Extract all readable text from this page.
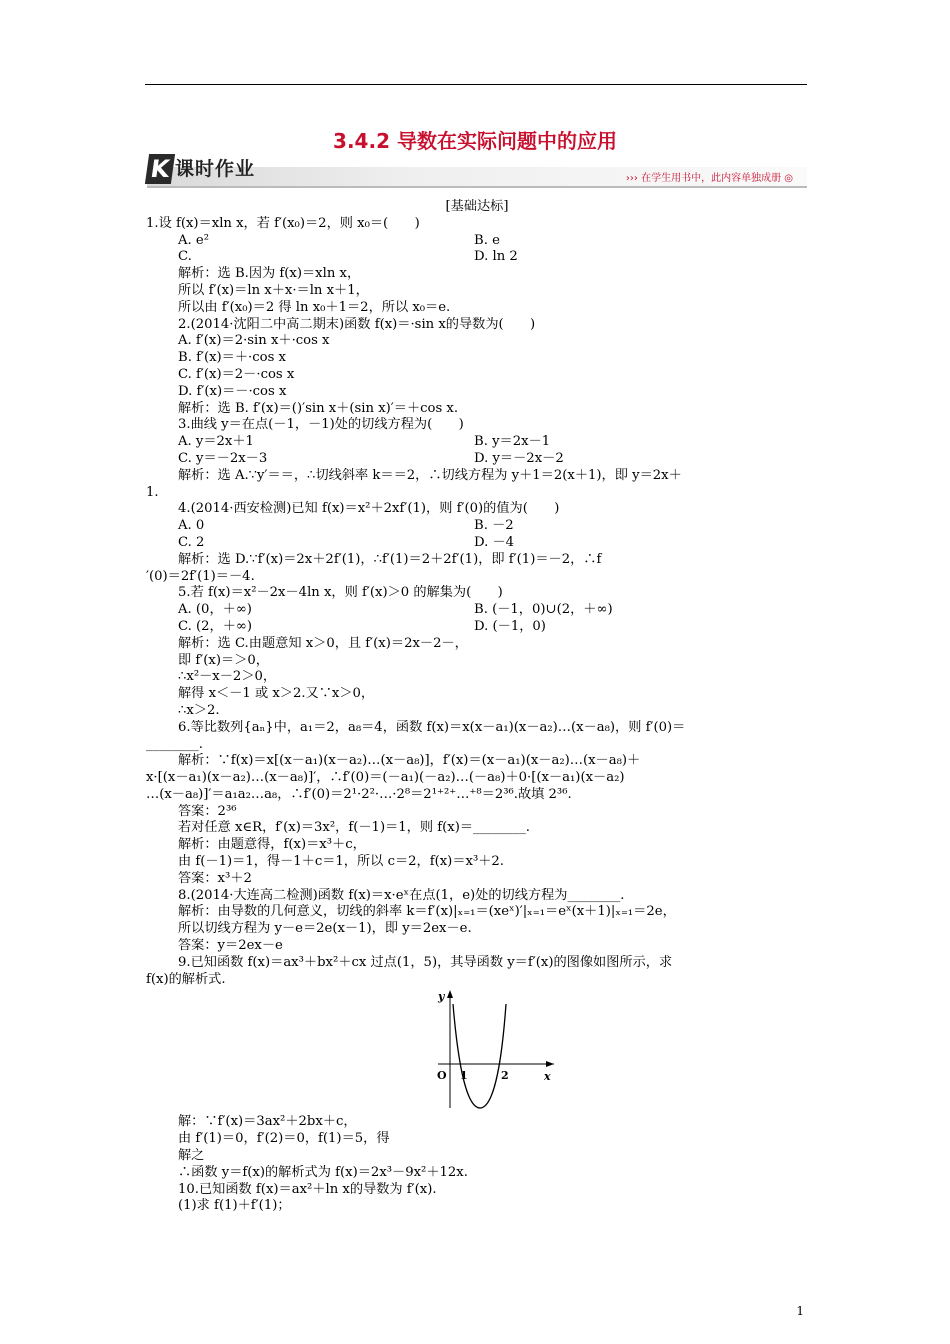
3.4.2 导数在实际问题中的应用
K 课时作业	››› 在学生用书中，此内容单独成册 ◎
[基础达标]
1.设 f(x)＝xln x，若 f′(x₀)＝2，则 x₀＝(　　)
A. e²	B. e
C.	D. ln 2
解析：选 B.因为 f(x)＝xln x，
所以 f′(x)＝ln x＋x·＝ln x＋1，
所以由 f′(x₀)＝2 得 ln x₀＋1＝2，所以 x₀＝e.
2.(2014·沈阳二中高二期末)函数 f(x)＝·sin x的导数为(　　)
A. f′(x)＝2·sin x＋·cos x
B. f′(x)＝＋·cos x
C. f′(x)＝2－·cos x
D. f′(x)＝－·cos x
解析：选 B. f′(x)＝()′sin x＋(sin x)′＝＋cos x.
3.曲线 y＝在点(－1，－1)处的切线方程为(　　)
A. y＝2x＋1	B. y＝2x－1
C. y＝－2x－3	D. y＝－2x－2
解析：选 A.∵y′＝＝，∴切线斜率 k＝＝2，∴切线方程为 y＋1＝2(x＋1)，即 y＝2x＋
1.
4.(2014·西安检测)已知 f(x)＝x²＋2xf′(1)，则 f′(0)的值为(　　)
A. 0	B. －2
C. 2	D. －4
解析：选 D.∵f′(x)＝2x＋2f′(1)，∴f′(1)＝2＋2f′(1)，即 f′(1)＝－2，∴f
′(0)＝2f′(1)＝－4.
5.若 f(x)＝x²－2x－4ln x，则 f′(x)＞0 的解集为(　　)
A. (0，＋∞)	B. (－1，0)∪(2，＋∞)
C. (2，＋∞)	D. (－1，0)
解析：选 C.由题意知 x＞0，且 f′(x)＝2x－2－，
即 f′(x)＝＞0，
∴x²－x－2＞0，
解得 x＜－1 或 x＞2.又∵x＞0，
∴x＞2.
6.等比数列{aₙ}中，a₁＝2，a₈＝4，函数 f(x)＝x(x－a₁)(x－a₂)…(x－a₈)，则 f′(0)＝
________.
解析：∵f(x)＝x[(x－a₁)(x－a₂)…(x－a₈)]，f′(x)＝(x－a₁)(x－a₂)…(x－a₈)＋
x·[(x－a₁)(x－a₂)…(x－a₈)]′，∴f′(0)＝(－a₁)(－a₂)…(－a₈)＋0·[(x－a₁)(x－a₂)
…(x－a₈)]′＝a₁a₂…a₈，∴f′(0)＝2¹·2²·…·2⁸＝2¹⁺²⁺…⁺⁸＝2³⁶.故填 2³⁶.
答案：2³⁶
若对任意 x∈R，f′(x)＝3x²，f(－1)＝1，则 f(x)＝________.
解析：由题意得，f(x)＝x³＋c，
由 f(－1)＝1，得－1＋c＝1，所以 c＝2，f(x)＝x³＋2.
答案：x³＋2
8.(2014·大连高二检测)函数 f(x)＝x·eˣ在点(1，e)处的切线方程为________.
解析：由导数的几何意义，切线的斜率 k＝f′(x)|ₓ₌₁＝(xeˣ)′|ₓ₌₁＝eˣ(x＋1)|ₓ₌₁＝2e，
所以切线方程为 y－e＝2e(x－1)，即 y＝2ex－e.
答案：y＝2ex－e
9.已知函数 f(x)＝ax³＋bx²＋cx 过点(1，5)，其导函数 y＝f′(x)的图像如图所示，求
f(x)的解析式.
y
x
O 1	2
解：∵f′(x)＝3ax²＋2bx＋c，
由 f′(1)＝0，f′(2)＝0，f(1)＝5，得
解之
∴函数 y＝f(x)的解析式为 f(x)＝2x³－9x²＋12x.
10.已知函数 f(x)＝ax²＋ln x的导数为 f′(x).
(1)求 f(1)＋f′(1)；
1
